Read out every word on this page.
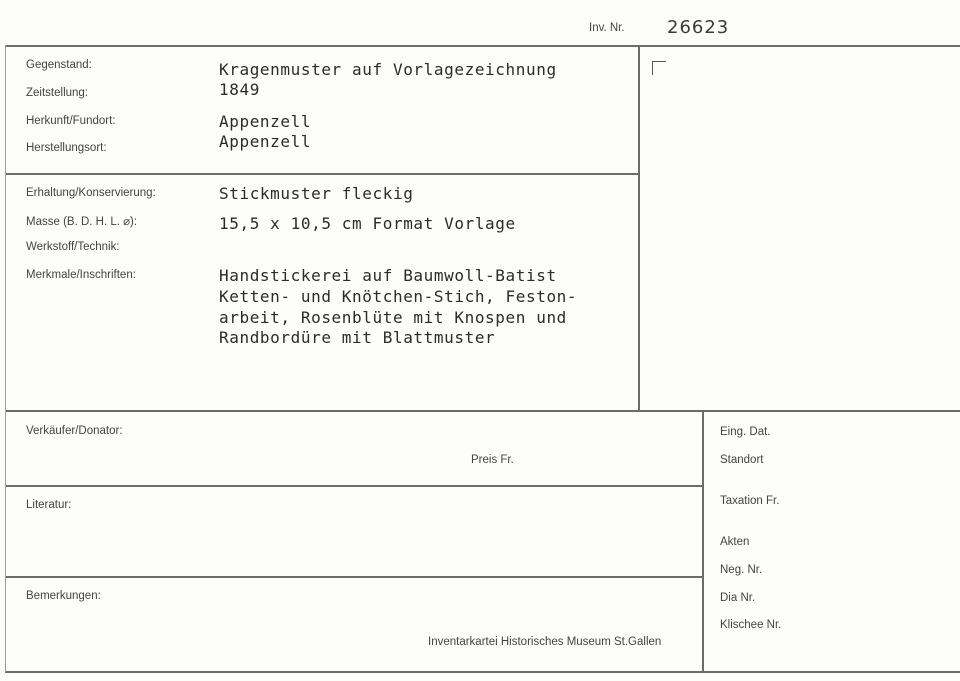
Inv. Nr. 26623
Gegenstand:
Zeitstellung:
Herkunft/Fundort:
Herstellungsort:
Kragenmuster auf Vorlagezeichnung
1849
Appenzell
Appenzell
Erhaltung/Konservierung:
Masse (B. D. H. L. ⌀):
Werkstoff/Technik:
Merkmale/Inschriften:
Stickmuster fleckig
15,5 x 10,5 cm Format Vorlage
Handstickerei auf Baumwoll-Batist
Ketten- und Knötchen-Stich, Feston-
arbeit, Rosenblüte mit Knospen und
Randbordüre mit Blattmuster
Verkäufer/Donator:
Preis Fr.
Literatur:
Bemerkungen:
Inventarkartei Historisches Museum St.Gallen
Eing. Dat.
Standort
Taxation Fr.
Akten
Neg. Nr.
Dia Nr.
Klischee Nr.
